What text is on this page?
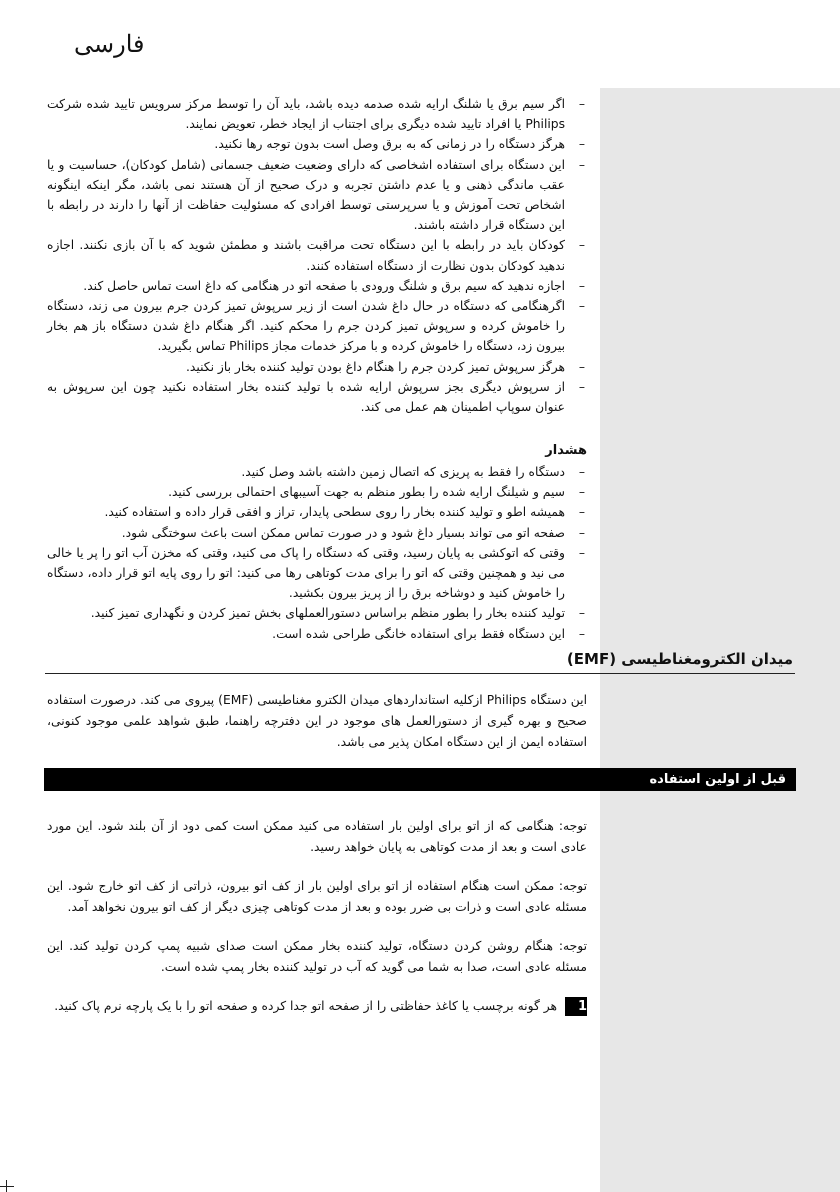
فارسی
– اگر سیم برق یا شلنگ ارایه شده صدمه دیده باشد، باید آن را توسط مرکز سرویس تایید شده شرکت Philips یا افراد تایید شده دیگری برای اجتناب از ایجاد خطر، تعویض نمایند.
– هرگز دستگاه را در زمانی که به برق وصل است بدون توجه رها نکنید.
– این دستگاه برای استفاده اشخاصی که دارای وضعیت ضعیف جسمانی (شامل کودکان)، حساسیت و یا عقب ماندگی ذهنی و یا عدم داشتن تجربه و درک صحیح از آن هستند نمی باشد، مگر اینکه اینگونه اشخاص تحت آموزش و یا سرپرستی توسط افرادی که مسئولیت حفاظت از آنها را دارند در رابطه با این دستگاه قرار داشته باشند.
– کودکان باید در رابطه با این دستگاه تحت مراقبت باشند و مطمئن شوید که با آن بازی نکنند. اجازه ندهید کودکان بدون نظارت از دستگاه استفاده کنند.
– اجازه ندهید که سیم برق و شلنگ ورودی با صفحه اتو در هنگامی که داغ است تماس حاصل کند.
– اگرهنگامی که دستگاه در حال داغ شدن است از زیر سرپوش تمیز کردن جرم بیرون می زند، دستگاه را خاموش کرده و سرپوش تمیز کردن جرم را محکم کنید. اگر هنگام داغ شدن دستگاه باز هم بخار بیرون زد، دستگاه را خاموش کرده و با مرکز خدمات مجاز Philips تماس بگیرید.
– هرگز سرپوش تمیز کردن جرم را هنگام داغ بودن تولید کننده بخار باز نکنید.
– از سرپوش دیگری بجز سرپوش ارایه شده با تولید کننده بخار استفاده نکنید چون این سرپوش به عنوان سوپاپ اطمینان هم عمل می کند.
هشدار
– دستگاه را فقط به پریزی که اتصال زمین داشته باشد وصل کنید.
– سیم و شیلنگ ارایه شده را بطور منظم به جهت آسیبهای احتمالی بررسی کنید.
– همیشه اطو و تولید کننده بخار را روی سطحی پایدار، تراز و افقی قرار داده و استفاده کنید.
– صفحه اتو می تواند بسیار داغ شود و در صورت تماس ممکن است باعث سوختگی شود.
– وقتی که اتوکشی به پایان رسید، وقتی که دستگاه را پاک می کنید، وقتی که مخزن آب اتو را پر یا خالی می نید و همچنین وقتی که اتو را برای مدت کوتاهی رها می کنید: اتو را روی پایه اتو قرار داده، دستگاه را خاموش کنید و دوشاخه برق را از پریز بیرون بکشید.
– تولید کننده بخار را بطور منظم براساس دستورالعملهای بخش تمیز کردن و نگهداری تمیز کنید.
– این دستگاه فقط برای استفاده خانگی طراحی شده است.
میدان الکترومغناطیسی (EMF)
این دستگاه Philips ازکلیه استانداردهای میدان الکترو مغناطیسی (EMF) پیروی می کند. درصورت استفاده صحیح و بهره گیری از دستورالعمل های موجود در این دفترچه راهنما، طبق شواهد علمی موجود کنونی، استفاده ایمن از این دستگاه امکان پذیر می باشد.
قبل از اولین استفاده
توجه: هنگامی که از اتو برای اولین بار استفاده می کنید ممکن است کمی دود از آن بلند شود. این مورد عادی است و بعد از مدت کوتاهی به پایان خواهد رسید.
توجه: ممکن است هنگام استفاده از اتو برای اولین بار از کف اتو بیرون، ذراتی از کف اتو خارج شود. این مسئله عادی است و ذرات بی ضرر بوده و بعد از مدت کوتاهی چیزی دیگر از کف اتو بیرون نخواهد آمد.
توجه: هنگام روشن کردن دستگاه، تولید کننده بخار ممکن است صدای شبیه پمپ کردن تولید کند. این مسئله عادی است، صدا به شما می گوید که آب در تولید کننده بخار پمپ شده است.
1
هر گونه برچسب یا کاغذ حفاظتی را از صفحه اتو جدا کرده و صفحه اتو را با یک پارچه نرم پاک کنید.
